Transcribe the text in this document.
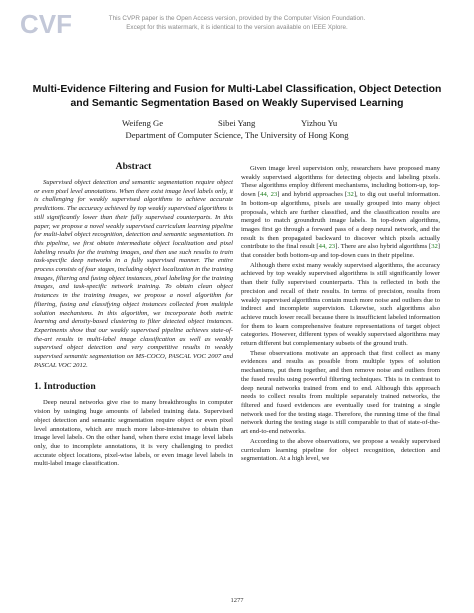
CVF	This CVPR paper is the Open Access version, provided by the Computer Vision Foundation.
Except for this watermark, it is identical to the version available on IEEE Xplore.
Multi-Evidence Filtering and Fusion for Multi-Label Classification, Object Detection and Semantic Segmentation Based on Weakly Supervised Learning
Weifeng Ge	Sibei Yang	Yizhou Yu
Department of Computer Science, The University of Hong Kong
Abstract

Supervised object detection and semantic segmentation require object or even pixel level annotations. When there exist image level labels only, it is challenging for weakly supervised algorithms to achieve accurate predictions. The accuracy achieved by top weakly supervised algorithms is still significantly lower than their fully supervised counterparts. In this paper, we propose a novel weakly supervised curriculum learning pipeline for multi-label object recognition, detection and semantic segmentation. In this pipeline, we first obtain intermediate object localization and pixel labeling results for the training images, and then use such results to train task-specific deep networks in a fully supervised manner. The entire process consists of four stages, including object localization in the training images, filtering and fusing object instances, pixel labeling for the training images, and task-specific network training. To obtain clean object instances in the training images, we propose a novel algorithm for filtering, fusing and classifying object instances collected from multiple solution mechanisms. In this algorithm, we incorporate both metric learning and density-based clustering to filter detected object instances. Experiments show that our weakly supervised pipeline achieves state-of-the-art results in multi-label image classification as well as weakly supervised object detection and very competitive results in weakly supervised semantic segmentation on MS-COCO, PASCAL VOC 2007 and PASCAL VOC 2012.

1. Introduction

Deep neural networks give rise to many breakthroughs in computer vision by usinging huge amounts of labeled training data. Supervised object detection and semantic segmentation require object or even pixel level annotations, which are much more labor-intensive to obtain than image level labels. On the other hand, when there exist image level labels only, due to incomplete annotations, it is very challenging to predict accurate object locations, pixel-wise labels, or even image level labels in multi-label image classification.

Given image level supervision only, researchers have proposed many weakly supervised algorithms for detecting objects and labeling pixels. These algorithms employ different mechanisms, including bottom-up, top-down [44, 23] and hybrid approaches [32], to dig out useful information. In bottom-up algorithms, pixels are usually grouped into many object proposals, which are further classified, and the classification results are merged to match groundtruth image labels. In top-down algorithms, images first go through a forward pass of a deep neural network, and the result is then propagated backward to discover which pixels actually contribute to the final result [44, 23]. There are also hybrid algorithms [32] that consider both bottom-up and top-down cues in their pipeline.

Although there exist many weakly supervised algorithms, the accuracy achieved by top weakly supervised algorithms is still significantly lower than their fully supervised counterparts. This is reflected in both the precision and recall of their results. In terms of precision, results from weakly supervised algorithms contain much more noise and outliers due to indirect and incomplete supervision. Likewise, such algorithms also achieve much lower recall because there is insufficient labeled information for them to learn comprehensive feature representations of target object categories. However, different types of weakly supervised algorithms may return different but complementary subsets of the ground truth.

These observations motivate an approach that first collect as many evidences and results as possible from multiple types of solution mechanisms, put them together, and then remove noise and outliers from the fused results using powerful filtering techniques. This is in contrast to deep neural networks trained from end to end. Although this approach needs to collect results from multiple separately trained networks, the filtered and fused evidences are eventually used for training a single network used for the testing stage. Therefore, the running time of the final network during the testing stage is still comparable to that of state-of-the-art end-to-end networks.

According to the above observations, we propose a weakly supervised curriculum learning pipeline for object recognition, detection and segmentation. At a high level, we

1277
